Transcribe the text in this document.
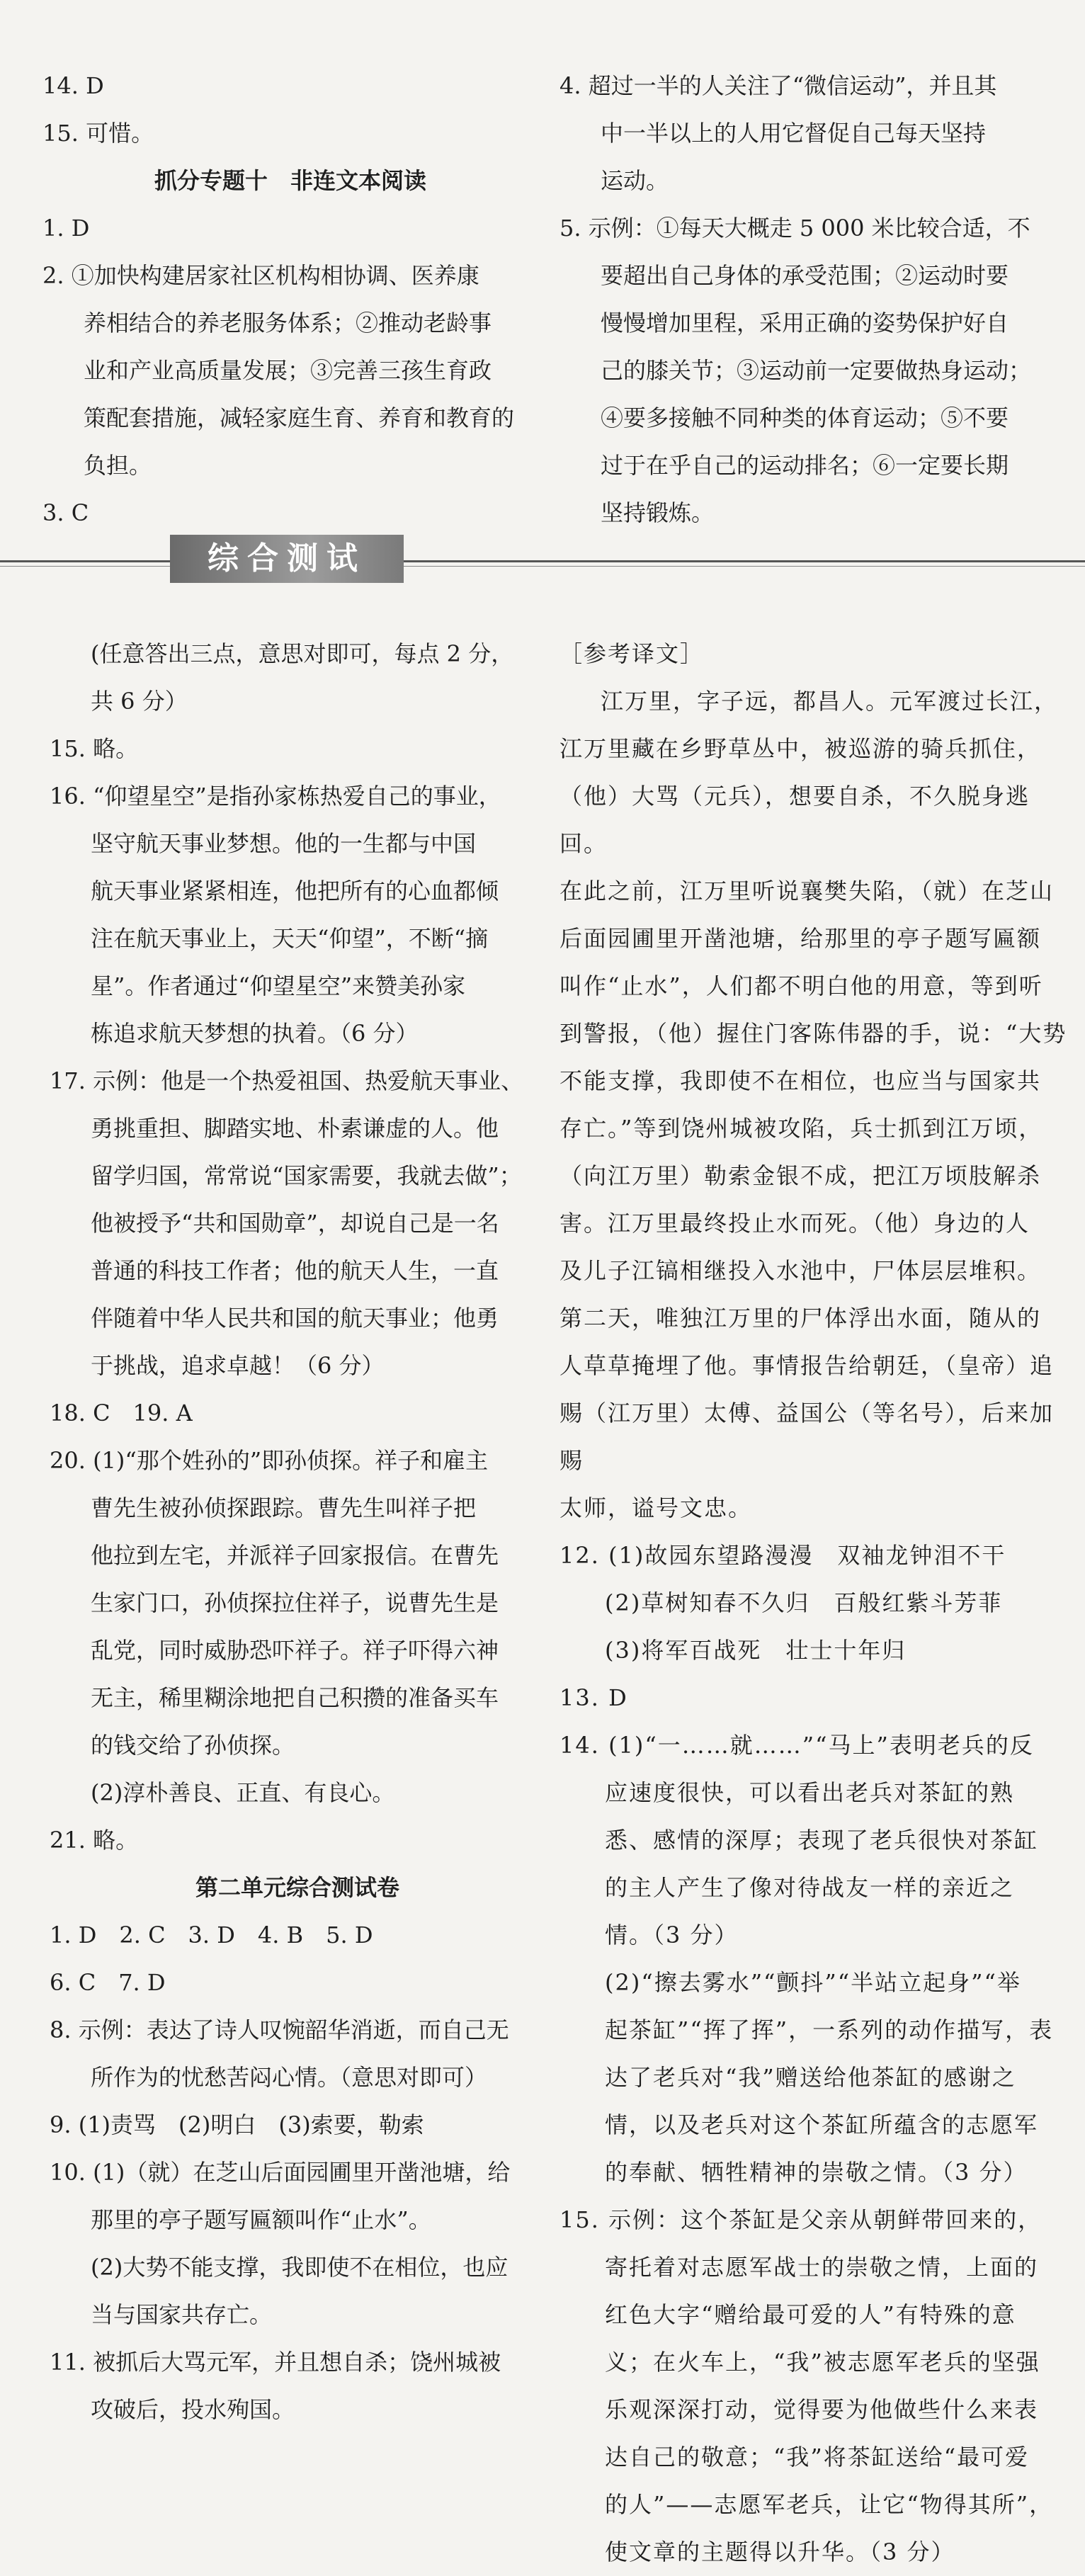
14. D

15. 可惜。

抓分专题十　非连文本阅读

1. D

2. ①加快构建居家社区机构相协调、医养康

养相结合的养老服务体系；②推动老龄事

业和产业高质量发展；③完善三孩生育政

策配套措施，减轻家庭生育、养育和教育的

负担。

3. C

4. 超过一半的人关注了“微信运动”，并且其

中一半以上的人用它督促自己每天坚持

运动。

5. 示例：①每天大概走 5 000 米比较合适，不

要超出自己身体的承受范围；②运动时要

慢慢增加里程，采用正确的姿势保护好自

己的膝关节；③运动前一定要做热身运动；

④要多接触不同种类的体育运动；⑤不要

过于在乎自己的运动排名；⑥一定要长期

坚持锻炼。

综合测试

(任意答出三点，意思对即可，每点 2 分，

共 6 分）

15. 略。

16. “仰望星空”是指孙家栋热爱自己的事业，

坚守航天事业梦想。他的一生都与中国

航天事业紧紧相连，他把所有的心血都倾

注在航天事业上，天天“仰望”，不断“摘

星”。作者通过“仰望星空”来赞美孙家

栋追求航天梦想的执着。（6 分）

17. 示例：他是一个热爱祖国、热爱航天事业、

勇挑重担、脚踏实地、朴素谦虚的人。他

留学归国，常常说“国家需要，我就去做”；

他被授予“共和国勋章”，却说自己是一名

普通的科技工作者；他的航天人生，一直

伴随着中华人民共和国的航天事业；他勇

于挑战，追求卓越！（6 分）

18. C　19. A

20. (1)“那个姓孙的”即孙侦探。祥子和雇主

曹先生被孙侦探跟踪。曹先生叫祥子把

他拉到左宅，并派祥子回家报信。在曹先

生家门口，孙侦探拉住祥子，说曹先生是

乱党，同时威胁恐吓祥子。祥子吓得六神

无主，稀里糊涂地把自己积攒的准备买车

的钱交给了孙侦探。

(2)淳朴善良、正直、有良心。

21. 略。

第二单元综合测试卷

1. D　2. C　3. D　4. B　5. D

6. C　7. D

8. 示例：表达了诗人叹惋韶华消逝，而自己无

所作为的忧愁苦闷心情。（意思对即可）

9. (1)责骂　(2)明白　(3)索要，勒索

10. (1)（就）在芝山后面园圃里开凿池塘，给

那里的亭子题写匾额叫作“止水”。

(2)大势不能支撑，我即使不在相位，也应

当与国家共存亡。

11. 被抓后大骂元军，并且想自杀；饶州城被

攻破后，投水殉国。

［参考译文］

江万里，字子远，都昌人。元军渡过长江，

江万里藏在乡野草丛中，被巡游的骑兵抓住，

（他）大骂（元兵），想要自杀，不久脱身逃回。

在此之前，江万里听说襄樊失陷，（就）在芝山

后面园圃里开凿池塘，给那里的亭子题写匾额

叫作“止水”，人们都不明白他的用意，等到听

到警报，（他）握住门客陈伟器的手，说：“大势

不能支撑，我即使不在相位，也应当与国家共

存亡。”等到饶州城被攻陷，兵士抓到江万顷，

（向江万里）勒索金银不成，把江万顷肢解杀

害。江万里最终投止水而死。（他）身边的人

及儿子江镐相继投入水池中，尸体层层堆积。

第二天，唯独江万里的尸体浮出水面，随从的

人草草掩埋了他。事情报告给朝廷，（皇帝）追

赐（江万里）太傅、益国公（等名号），后来加赐

太师，谥号文忠。

12. (1)故园东望路漫漫　双袖龙钟泪不干

(2)草树知春不久归　百般红紫斗芳菲

(3)将军百战死　壮士十年归

13. D

14. (1)“一……就……”“马上”表明老兵的反

应速度很快，可以看出老兵对茶缸的熟

悉、感情的深厚；表现了老兵很快对茶缸

的主人产生了像对待战友一样的亲近之

情。（3 分）

(2)“擦去雾水”“颤抖”“半站立起身”“举

起茶缸”“挥了挥”，一系列的动作描写，表

达了老兵对“我”赠送给他茶缸的感谢之

情，以及老兵对这个茶缸所蕴含的志愿军

的奉献、牺牲精神的崇敬之情。（3 分）

15. 示例：这个茶缸是父亲从朝鲜带回来的，

寄托着对志愿军战士的崇敬之情，上面的

红色大字“赠给最可爱的人”有特殊的意

义；在火车上，“我”被志愿军老兵的坚强

乐观深深打动，觉得要为他做些什么来表

达自己的敬意；“我”将茶缸送给“最可爱

的人”——志愿军老兵，让它“物得其所”，

使文章的主题得以升华。（3 分）
